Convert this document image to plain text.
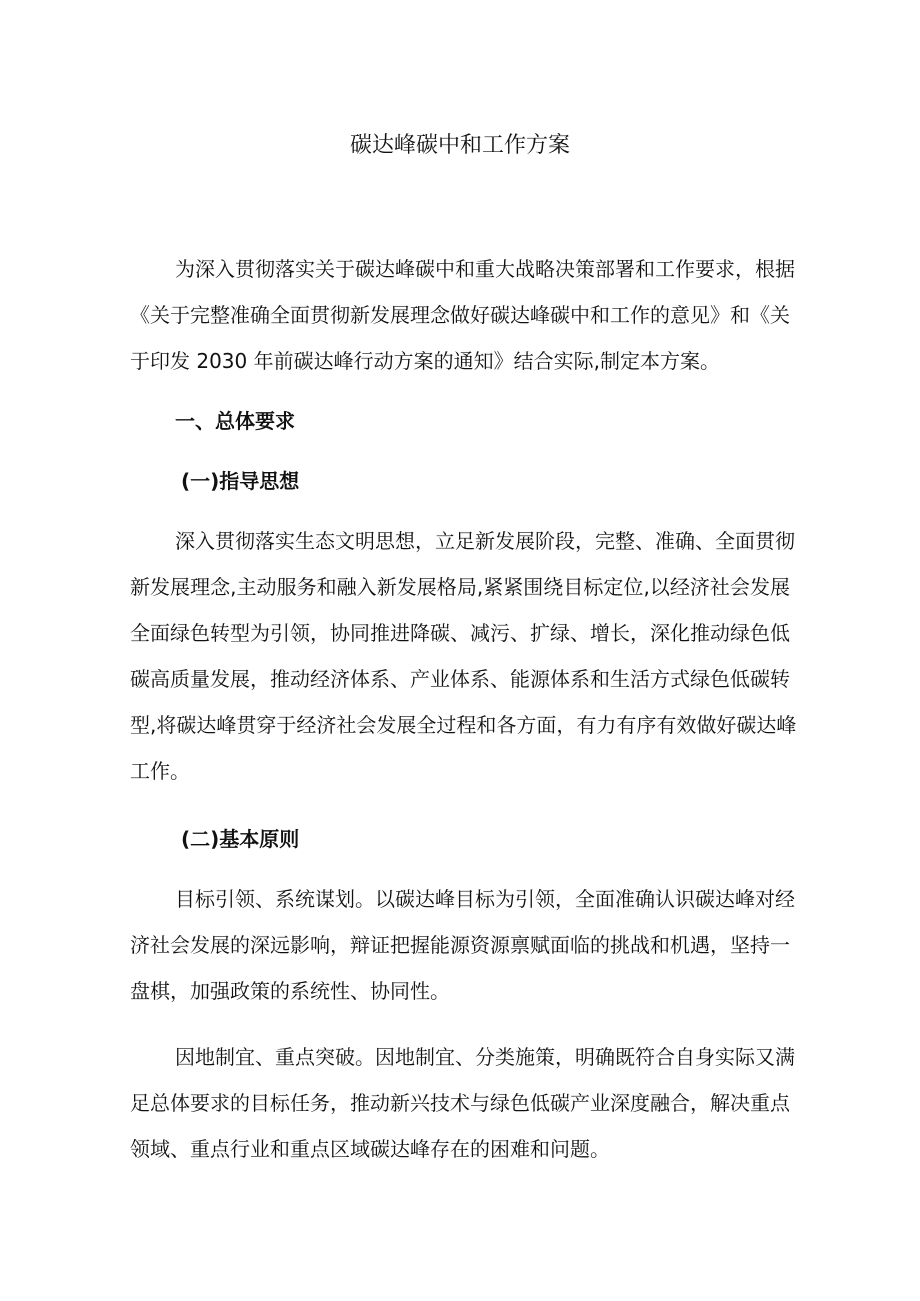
碳达峰碳中和工作方案

为深入贯彻落实关于碳达峰碳中和重大战略决策部署和工作要求，根据
《关于完整准确全面贯彻新发展理念做好碳达峰碳中和工作的意见》和《关
于印发 2030 年前碳达峰行动方案的通知》结合实际,制定本方案。

一、总体要求
(一)指导思想

深入贯彻落实生态文明思想，立足新发展阶段，完整、准确、全面贯彻
新发展理念,主动服务和融入新发展格局,紧紧围绕目标定位,以经济社会发展
全面绿色转型为引领，协同推进降碳、减污、扩绿、增长，深化推动绿色低
碳高质量发展，推动经济体系、产业体系、能源体系和生活方式绿色低碳转
型,将碳达峰贯穿于经济社会发展全过程和各方面，有力有序有效做好碳达峰
工作。

(二)基本原则

目标引领、系统谋划。以碳达峰目标为引领，全面准确认识碳达峰对经
济社会发展的深远影响，辩证把握能源资源禀赋面临的挑战和机遇，坚持一
盘棋，加强政策的系统性、协同性。

因地制宜、重点突破。因地制宜、分类施策，明确既符合自身实际又满
足总体要求的目标任务，推动新兴技术与绿色低碳产业深度融合，解决重点
领域、重点行业和重点区域碳达峰存在的困难和问题。
